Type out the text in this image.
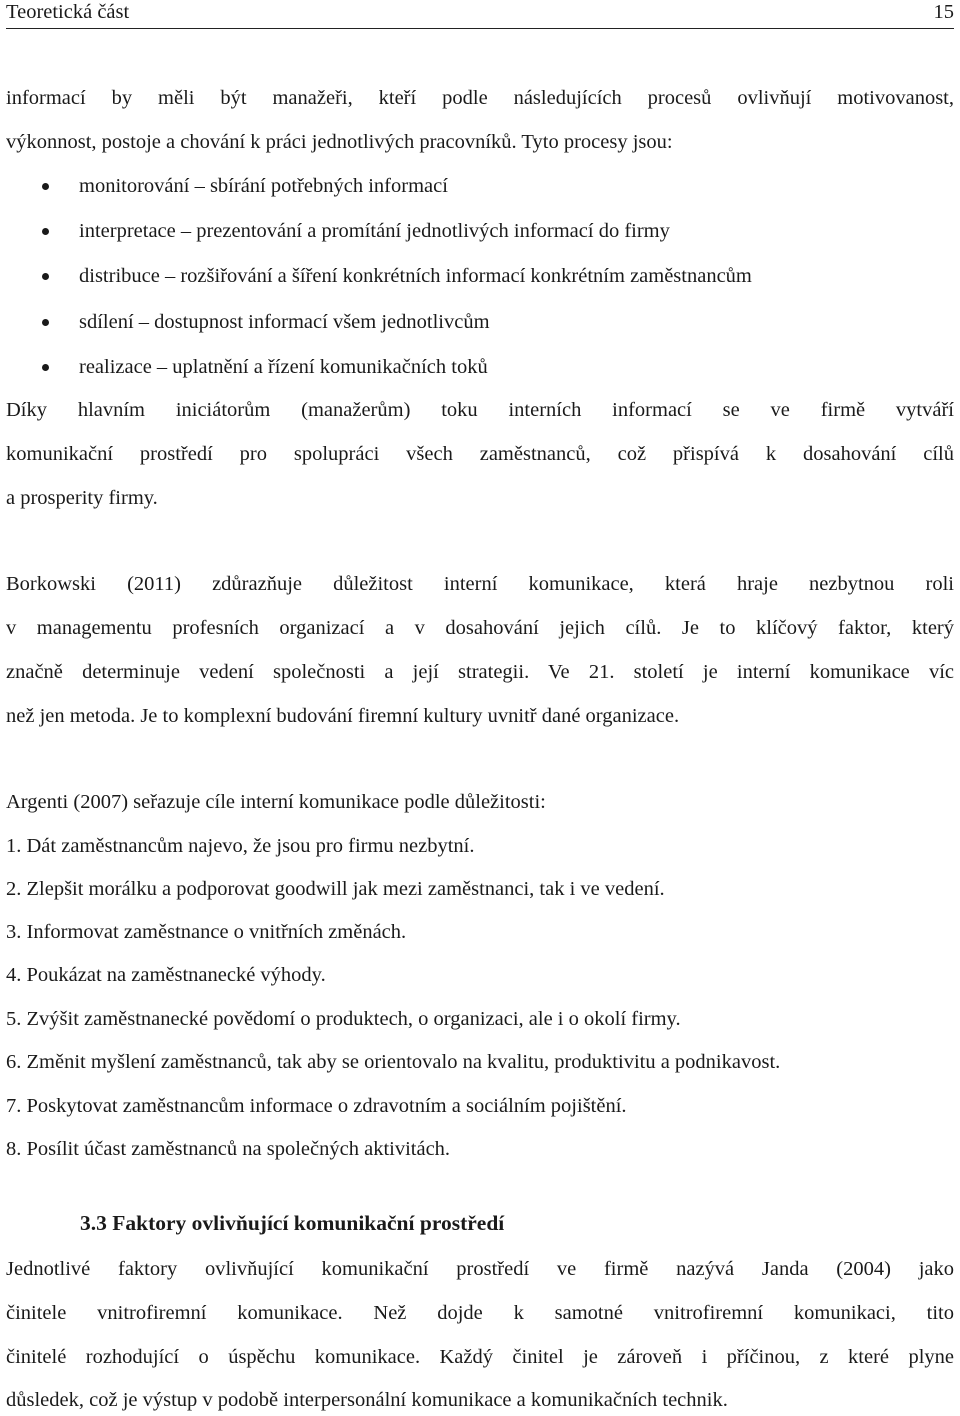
Teoretická část	15
informací by měli být manažeři, kteří podle následujících procesů ovlivňují motivovanost,
výkonnost, postoje a chování k práci jednotlivých pracovníků. Tyto procesy jsou:
monitorování – sbírání potřebných informací
interpretace – prezentování a promítání jednotlivých informací do firmy
distribuce – rozšiřování a šíření konkrétních informací konkrétním zaměstnancům
sdílení – dostupnost informací všem jednotlivcům
realizace – uplatnění a řízení komunikačních toků
Díky hlavním iniciátorům (manažerům) toku interních informací se ve firmě vytváří
komunikační prostředí pro spolupráci všech zaměstnanců, což přispívá k dosahování cílů
a prosperity firmy.
Borkowski (2011) zdůrazňuje důležitost interní komunikace, která hraje nezbytnou roli
v managementu profesních organizací a v dosahování jejich cílů. Je to klíčový faktor, který
značně determinuje vedení společnosti a její strategii. Ve 21. století je interní komunikace víc
než jen metoda. Je to komplexní budování firemní kultury uvnitř dané organizace.
Argenti (2007) seřazuje cíle interní komunikace podle důležitosti:
1. Dát zaměstnancům najevo, že jsou pro firmu nezbytní.
2. Zlepšit morálku a podporovat goodwill jak mezi zaměstnanci, tak i ve vedení.
3. Informovat zaměstnance o vnitřních změnách.
4. Poukázat na zaměstnanecké výhody.
5. Zvýšit zaměstnanecké povědomí o produktech, o organizaci, ale i o okolí firmy.
6. Změnit myšlení zaměstnanců, tak aby se orientovalo na kvalitu, produktivitu a podnikavost.
7. Poskytovat zaměstnancům informace o zdravotním a sociálním pojištění.
8. Posílit účast zaměstnanců na společných aktivitách.
3.3 Faktory ovlivňující komunikační prostředí
Jednotlivé faktory ovlivňující komunikační prostředí ve firmě nazývá Janda (2004) jako
činitele vnitrofiremní komunikace. Než dojde k samotné vnitrofiremní komunikaci, tito
činitelé rozhodující o úspěchu komunikace. Každý činitel je zároveň i příčinou, z které plyne
důsledek, což je výstup v podobě interpersonální komunikace a komunikačních technik.
